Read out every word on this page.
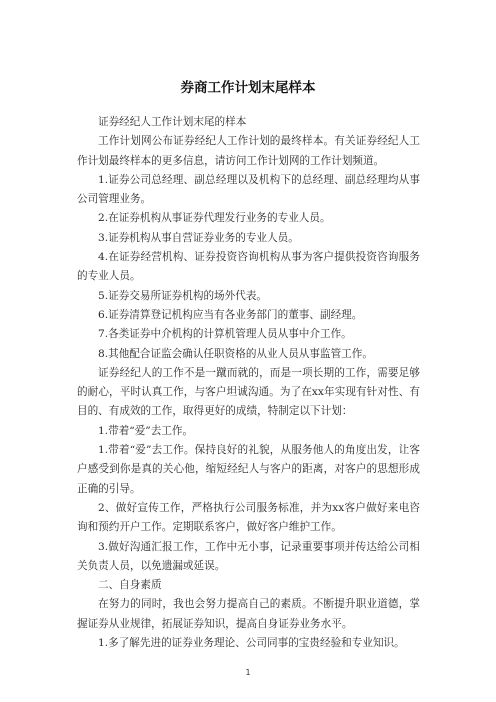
券商工作计划末尾样本

证券经纪人工作计划末尾的样本

工作计划网公布证券经纪人工作计划的最终样本。有关证券经纪人工作计划最终样本的更多信息，请访问工作计划网的工作计划频道。

1.证券公司总经理、副总经理以及机构下的总经理、副总经理均从事公司管理业务。

2.在证券机构从事证券代理发行业务的专业人员。

3.证券机构从事自营证券业务的专业人员。

4.在证券经营机构、证券投资咨询机构从事为客户提供投资咨询服务的专业人员。

5.证券交易所证券机构的场外代表。

6.证券清算登记机构应当有各业务部门的董事、副经理。

7.各类证券中介机构的计算机管理人员从事中介工作。

8.其他配合证监会确认任职资格的从业人员从事监管工作。

证券经纪人的工作不是一蹴而就的，而是一项长期的工作，需要足够的耐心，平时认真工作，与客户坦诚沟通。为了在xx年实现有针对性、有目的、有成效的工作，取得更好的成绩，特制定以下计划：

1.带着“爱”去工作。

1.带着“爱”去工作。保持良好的礼貌，从服务他人的角度出发，让客户感受到你是真的关心他，缩短经纪人与客户的距离，对客户的思想形成正确的引导。

2、做好宣传工作，严格执行公司服务标准，并为xx客户做好来电咨询和预约开户工作。定期联系客户，做好客户维护工作。

3.做好沟通汇报工作，工作中无小事，记录重要事项并传达给公司相关负责人员，以免遗漏或延误。

二、自身素质

在努力的同时，我也会努力提高自己的素质。不断提升职业道德，掌握证券从业规律，拓展证券知识，提高自身证券业务水平。

1.多了解先进的证券业务理论、公司同事的宝贵经验和专业知识。

1
